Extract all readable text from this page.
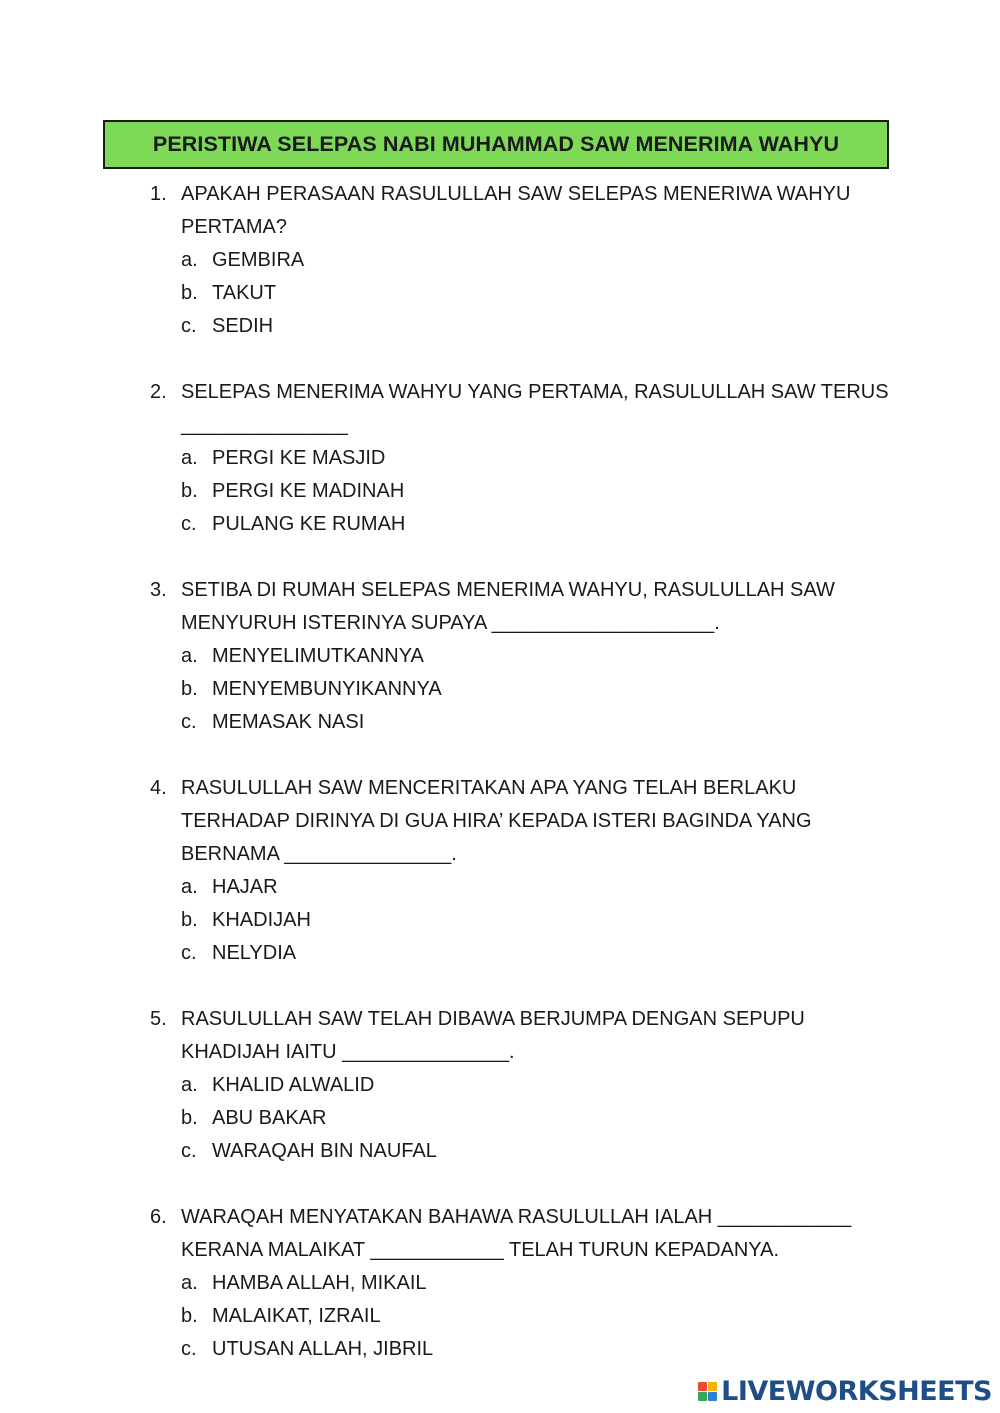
PERISTIWA SELEPAS NABI MUHAMMAD SAW MENERIMA WAHYU
1. APAKAH PERASAAN RASULULLAH SAW SELEPAS MENERIWA WAHYU
PERTAMA?
a. GEMBIRA
b. TAKUT
c. SEDIH
2. SELEPAS MENERIMA WAHYU YANG PERTAMA, RASULULLAH SAW TERUS
_______________
a. PERGI KE MASJID
b. PERGI KE MADINAH
c. PULANG KE RUMAH
3. SETIBA DI RUMAH SELEPAS MENERIMA WAHYU, RASULULLAH SAW
MENYURUH ISTERINYA SUPAYA ____________________.
a. MENYELIMUTKANNYA
b. MENYEMBUNYIKANNYA
c. MEMASAK NASI
4. RASULULLAH SAW MENCERITAKAN APA YANG TELAH BERLAKU
TERHADAP DIRINYA DI GUA HIRA’ KEPADA ISTERI BAGINDA YANG
BERNAMA _______________.
a. HAJAR
b. KHADIJAH
c. NELYDIA
5. RASULULLAH SAW TELAH DIBAWA BERJUMPA DENGAN SEPUPU
KHADIJAH IAITU _______________.
a. KHALID ALWALID
b. ABU BAKAR
c. WARAQAH BIN NAUFAL
6. WARAQAH MENYATAKAN BAHAWA RASULULLAH IALAH ____________
KERANA MALAIKAT ____________ TELAH TURUN KEPADANYA.
a. HAMBA ALLAH, MIKAIL
b. MALAIKAT, IZRAIL
c. UTUSAN ALLAH, JIBRIL
LIVEWORKSHEETS
